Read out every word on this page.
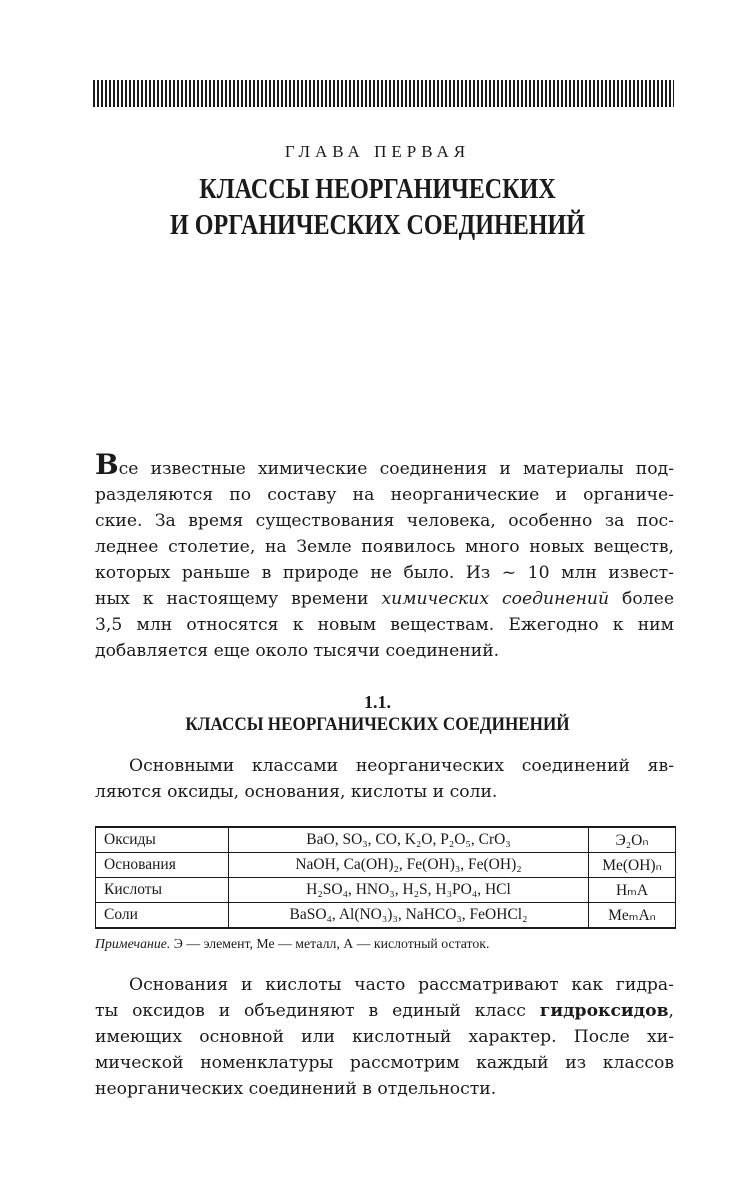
ГЛАВА ПЕРВАЯ
КЛАССЫ НЕОРГАНИЧЕСКИХ
И ОРГАНИЧЕСКИХ СОЕДИНЕНИЙ
Все известные химические соединения и материалы под-
разделяются по составу на неорганические и органиче-
ские. За время существования человека, особенно за пос-
леднее столетие, на Земле появилось много новых веществ,
которых раньше в природе не было. Из ~ 10 млн извест-
ных к настоящему времени химических соединений более
3,5 млн относятся к новым веществам. Ежегодно к ним
добавляется еще около тысячи соединений.
1.1.
КЛАССЫ НЕОРГАНИЧЕСКИХ СОЕДИНЕНИЙ
Основными классами неорганических соединений яв-
ляются оксиды, основания, кислоты и соли.
Оксиды	BaO, SO₃, CO, K₂O, P₂O₅, CrO₃	Э₂Oₙ
Основания	NaOH, Ca(OH)₂, Fe(OH)₃, Fe(OH)₂	Me(OH)ₙ
Кислоты	H₂SO₄, HNO₃, H₂S, H₃PO₄, HCl	HₘA
Соли	BaSO₄, Al(NO₃)₃, NaHCO₃, FeOHCl₂	MeₘAₙ
Примечание. Э — элемент, Ме — металл, А — кислотный остаток.
Основания и кислоты часто рассматривают как гидра-
ты оксидов и объединяют в единый класс гидроксидов,
имеющих основной или кислотный характер. После хи-
мической номенклатуры рассмотрим каждый из классов
неорганических соединений в отдельности.
